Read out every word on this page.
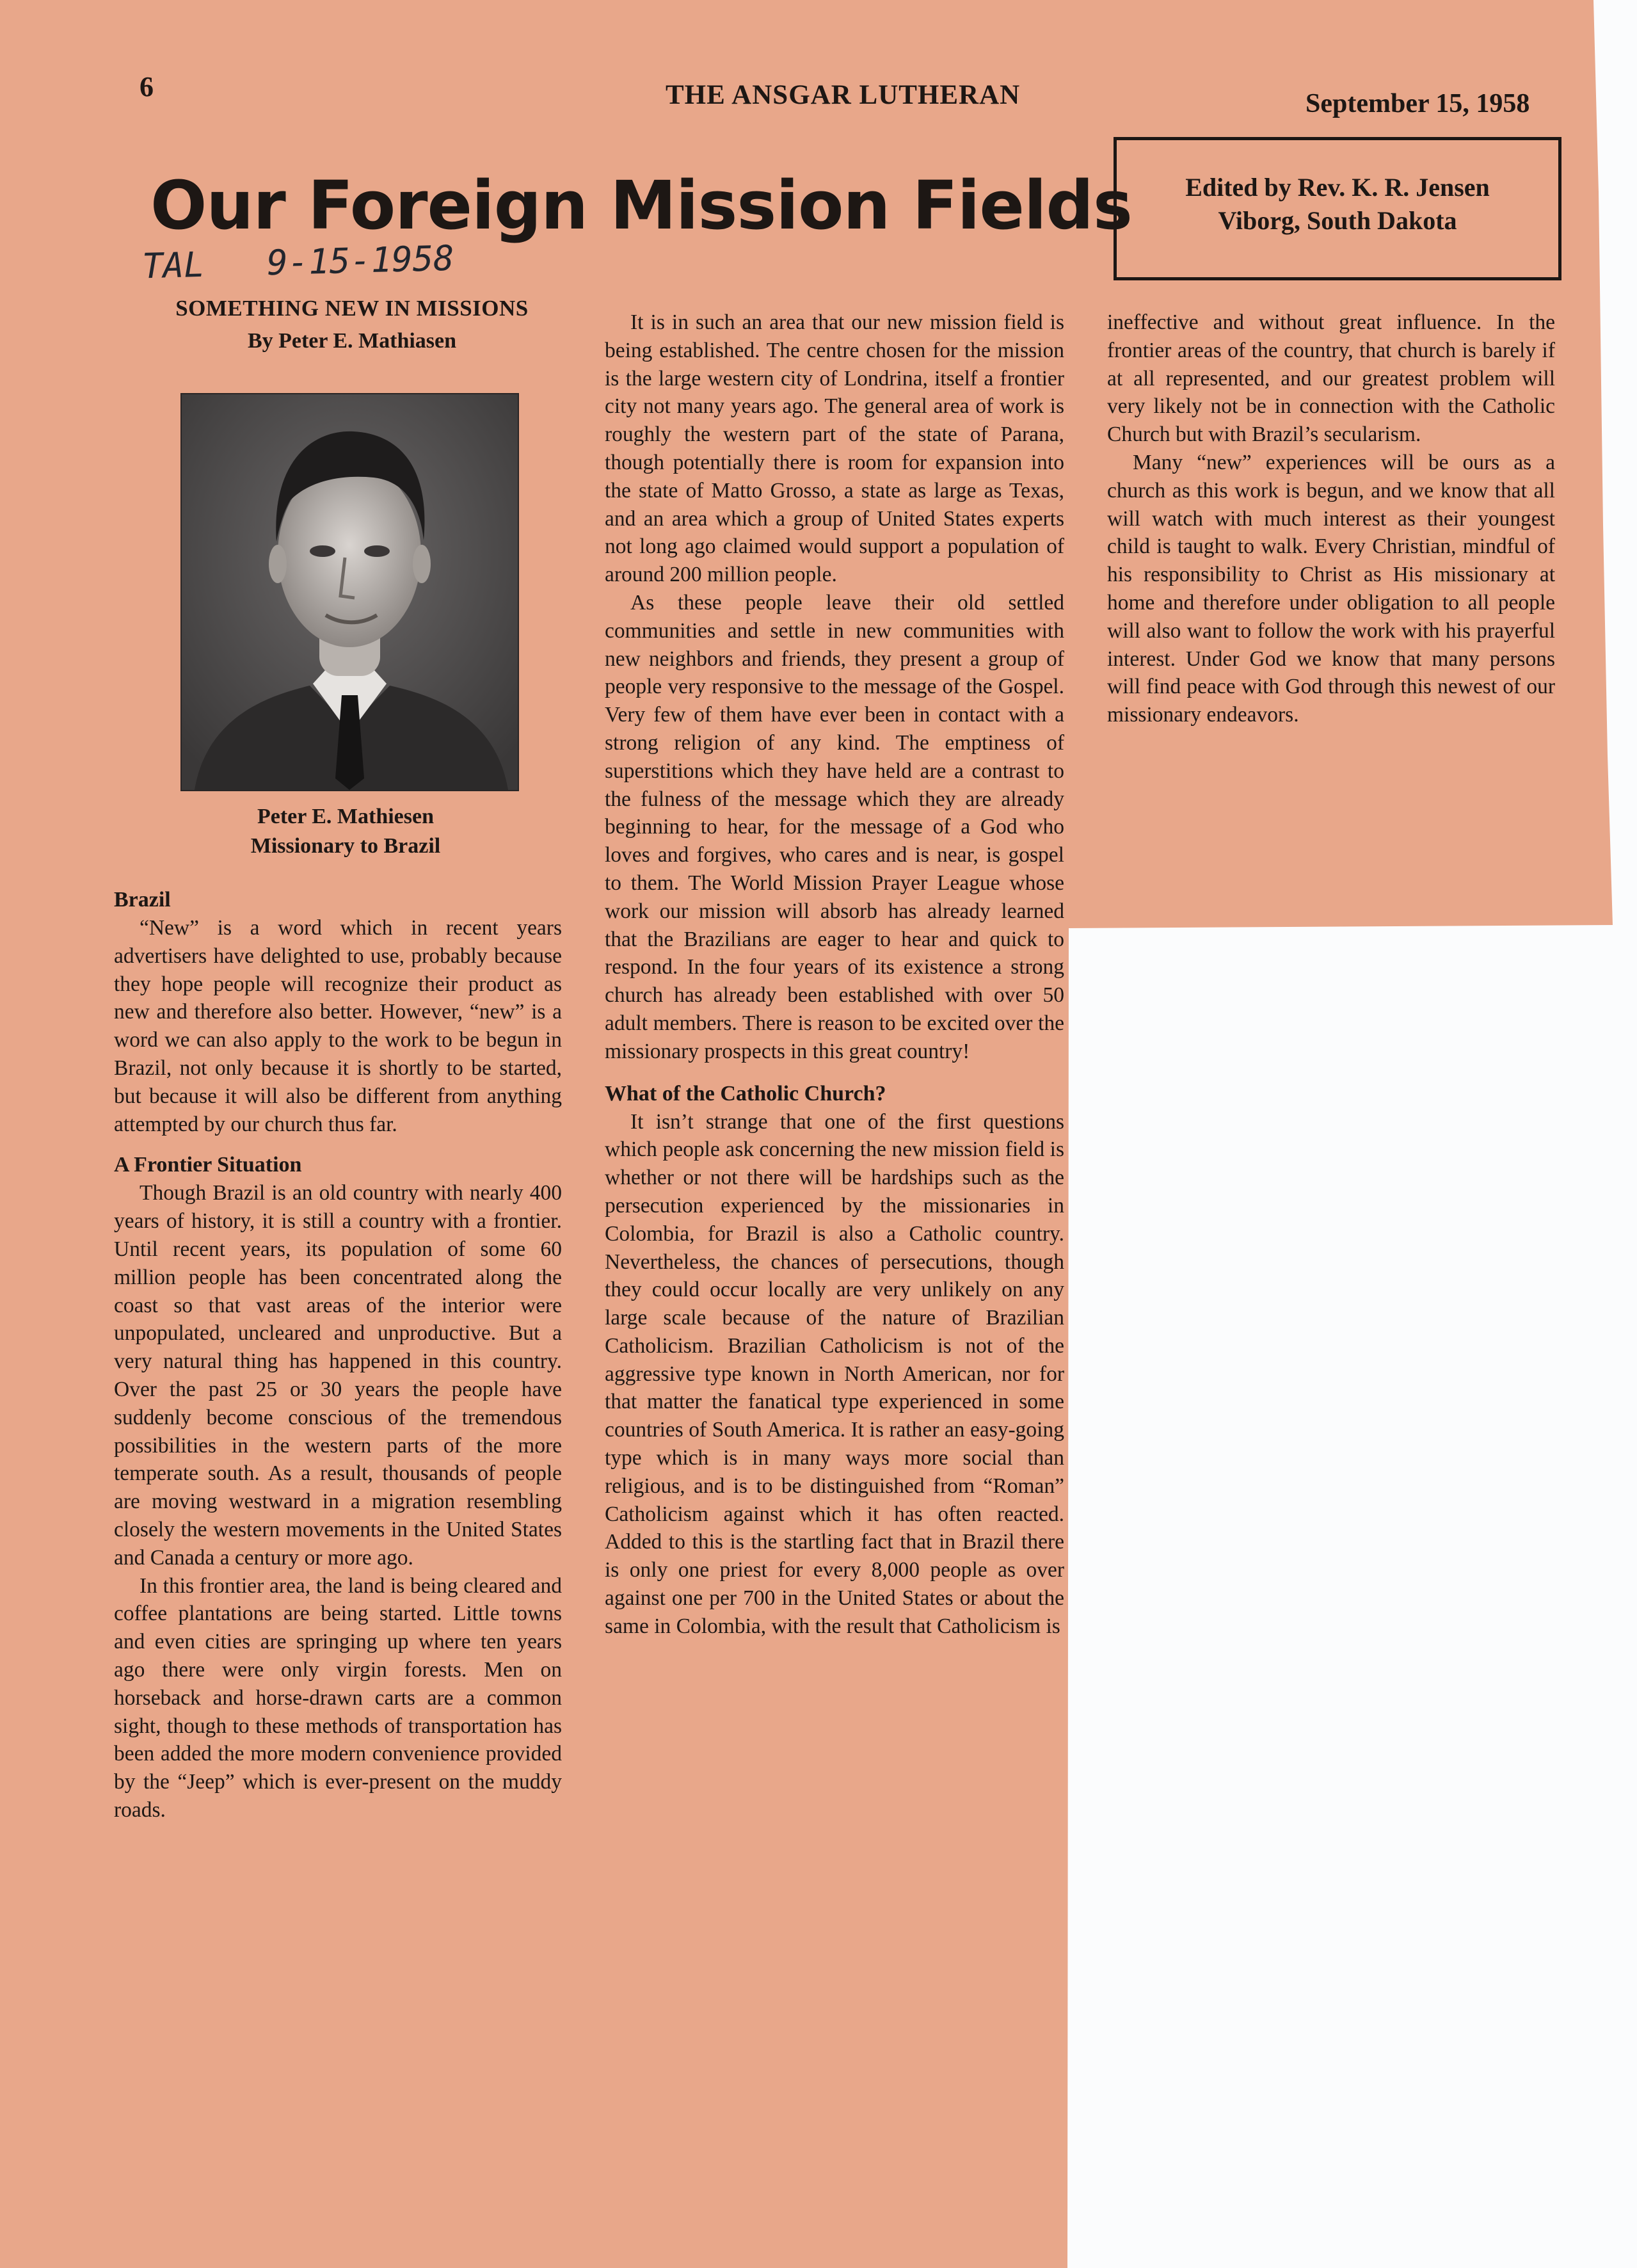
6	THE ANSGAR LUTHERAN	September 15, 1958
Edited by Rev. K. R. Jensen
Viborg, South Dakota
Our Foreign Mission Fields
TAL   9-15-1958
SOMETHING NEW IN MISSIONS
By Peter E. Mathiasen
Peter E. Mathiesen
Missionary to Brazil
Brazil

“New” is a word which in recent years advertisers have delighted to use, probably because they hope people will recognize their product as new and therefore also better. However, “new” is a word we can also apply to the work to be begun in Brazil, not only because it is shortly to be started, but because it will also be different from anything attempted by our church thus far.

A Frontier Situation

Though Brazil is an old country with nearly 400 years of history, it is still a country with a frontier. Until recent years, its population of some 60 million people has been concentrated along the coast so that vast areas of the interior were unpopulated, uncleared and unproductive. But a very natural thing has happened in this country. Over the past 25 or 30 years the people have suddenly become conscious of the tremendous possibilities in the western parts of the more temperate south. As a result, thousands of people are moving westward in a migration resembling closely the western movements in the United States and Canada a century or more ago.

In this frontier area, the land is being cleared and coffee plantations are being started. Little towns and even cities are springing up where ten years ago there were only virgin forests. Men on horseback and horse-drawn carts are a common sight, though to these methods of transportation has been added the more modern convenience provided by the “Jeep” which is ever-present on the muddy roads.

It is in such an area that our new mission field is being established. The centre chosen for the mission is the large western city of Londrina, itself a frontier city not many years ago. The general area of work is roughly the western part of the state of Parana, though potentially there is room for expansion into the state of Matto Grosso, a state as large as Texas, and an area which a group of United States experts not long ago claimed would support a population of around 200 million people.

As these people leave their old settled communities and settle in new communities with new neighbors and friends, they present a group of people very responsive to the message of the Gospel. Very few of them have ever been in contact with a strong religion of any kind. The emptiness of superstitions which they have held are a contrast to the fulness of the message which they are already beginning to hear, for the message of a God who loves and forgives, who cares and is near, is gospel to them. The World Mission Prayer League whose work our mission will absorb has already learned that the Brazilians are eager to hear and quick to respond. In the four years of its existence a strong church has already been established with over 50 adult members. There is reason to be excited over the missionary prospects in this great country!

What of the Catholic Church?

It isn’t strange that one of the first questions which people ask concerning the new mission field is whether or not there will be hardships such as the persecution experienced by the missionaries in Colombia, for Brazil is also a Catholic country. Nevertheless, the chances of persecutions, though they could occur locally are very unlikely on any large scale because of the nature of Brazilian Catholicism. Brazilian Catholicism is not of the aggressive type known in North American, nor for that matter the fanatical type experienced in some countries of South America. It is rather an easy-going type which is in many ways more social than religious, and is to be distinguished from “Roman” Catholicism against which it has often reacted. Added to this is the startling fact that in Brazil there is only one priest for every 8,000 people as over against one per 700 in the United States or about the same in Colombia, with the result that Catholicism is

ineffective and without great influence. In the frontier areas of the country, that church is barely if at all represented, and our greatest problem will very likely not be in connection with the Catholic Church but with Brazil’s secularism.

Many “new” experiences will be ours as a church as this work is begun, and we know that all will watch with much interest as their youngest child is taught to walk. Every Christian, mindful of his responsibility to Christ as His missionary at home and therefore under obligation to all people will also want to follow the work with his prayerful interest. Under God we know that many persons will find peace with God through this newest of our missionary endeavors.
